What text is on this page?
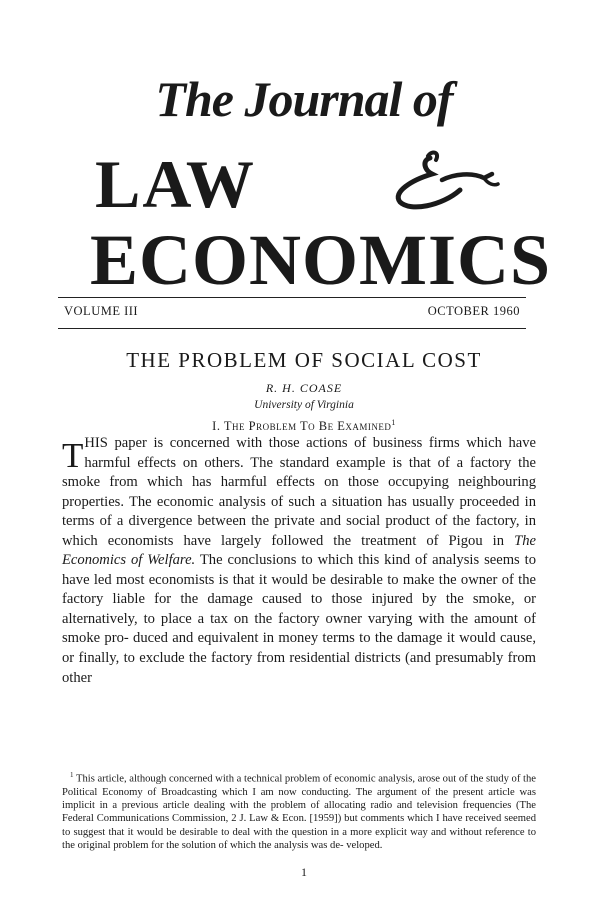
The Journal of
LAW
ECONOMICS
VOLUME III	OCTOBER 1960
THE PROBLEM OF SOCIAL COST
R. H. COASE
University of Virginia
I. The Problem To Be Examined$^1$

T HIS paper is concerned with those actions of business firms which have harmful effects on others. The standard example is that of a factory the smoke from which has harmful effects on those occupying neighbouring properties. The economic analysis of such a situation has usually proceeded in terms of a divergence between the private and social product of the factory, in which economists have largely followed the treatment of Pigou in The Economics of Welfare. The conclusions to which this kind of analysis seems to have led most economists is that it would be desirable to make the owner of the factory liable for the damage caused to those injured by the smoke, or alternatively, to place a tax on the factory owner varying with the amount of smoke pro- duced and equivalent in money terms to the damage it would cause, or finally, to exclude the factory from residential districts (and presumably from other

$^1$ This article, although concerned with a technical problem of economic analysis, arose out of the study of the Political Economy of Broadcasting which I am now conducting. The argument of the present article was implicit in a previous article dealing with the problem of allocating radio and television frequencies (The Federal Communications Commission, 2 J. Law & Econ. [1959]) but comments which I have received seemed to suggest that it would be desirable to deal with the question in a more explicit way and without reference to the original problem for the solution of which the analysis was de- veloped.

1
